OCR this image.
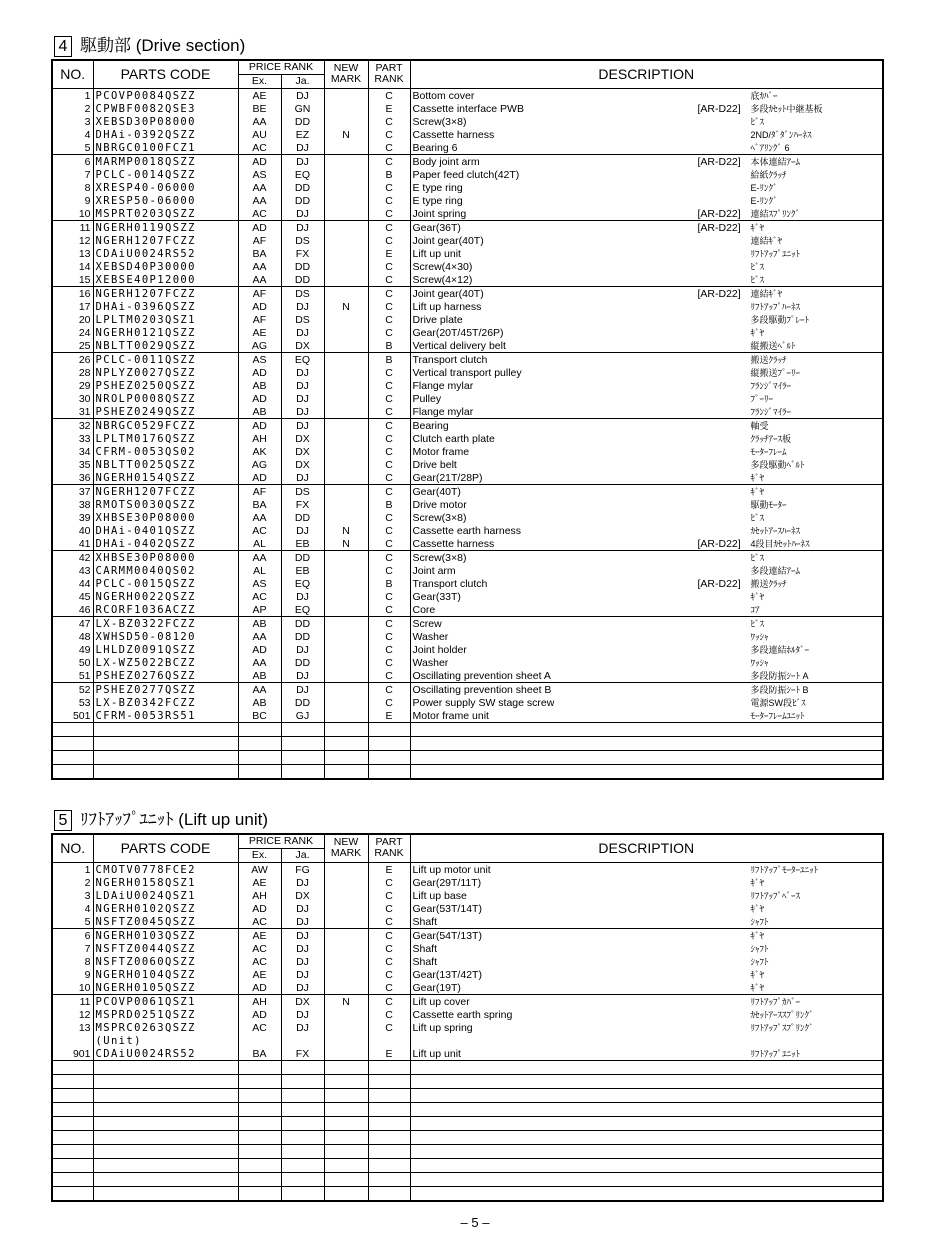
4 駆動部 (Drive section)
NO.	PARTS CODE	PRICE RANK		NEW MARK	PART RANK	DESCRIPTION
		Ex.	Ja.			
1	PCOVP0084QSZZ	AE	DJ		C	Bottom cover 底ｶﾊﾞｰ

2	CPWBF0082QSE3	BE	GN		E	Cassette interface PWB [AR-D22] 多段ｶｾｯﾄ中継基板

3	XEBSD30P08000	AA	DD		C	Screw(3×8) ﾋﾞｽ

4	DHAi-0392QSZZ	AU	EZ	N	C	Cassette harness 2ND/ﾀﾞﾀﾞﾝﾊｰﾈｽ

5	NBRGC0100FCZ1	AC	DJ		C	Bearing 6 ﾍﾞｱﾘﾝｸﾞ 6

6	MARMP0018QSZZ	AD	DJ		C	Body joint arm [AR-D22] 本体連結ｱｰﾑ

7	PCLC-0014QSZZ	AS	EQ		B	Paper feed clutch(42T) 給紙ｸﾗｯﾁ

8	XRESP40-06000	AA	DD		C	E type ring E-ﾘﾝｸﾞ

9	XRESP50-06000	AA	DD		C	E type ring E-ﾘﾝｸﾞ

10	MSPRT0203QSZZ	AC	DJ		C	Joint spring [AR-D22] 連結ｽﾌﾟﾘﾝｸﾞ

11	NGERH0119QSZZ	AD	DJ		C	Gear(36T) [AR-D22] ｷﾞﾔ

12	NGERH1207FCZZ	AF	DS		C	Joint gear(40T) 連結ｷﾞﾔ

13	CDAiU0024RS52	BA	FX		E	Lift up unit ﾘﾌﾄｱｯﾌﾟﾕﾆｯﾄ

14	XEBSD40P30000	AA	DD		C	Screw(4×30) ﾋﾞｽ

15	XEBSE40P12000	AA	DD		C	Screw(4×12) ﾋﾞｽ

16	NGERH1207FCZZ	AF	DS		C	Joint gear(40T) [AR-D22] 連結ｷﾞﾔ

17	DHAi-0396QSZZ	AD	DJ	N	C	Lift up harness ﾘﾌﾄｱｯﾌﾟﾊｰﾈｽ

20	LPLTM0203QSZ1	AF	DS		C	Drive plate 多段駆動ﾌﾟﾚｰﾄ

24	NGERH0121QSZZ	AE	DJ		C	Gear(20T/45T/26P) ｷﾞﾔ

25	NBLTT0029QSZZ	AG	DX		B	Vertical delivery belt 縦搬送ﾍﾞﾙﾄ

26	PCLC-0011QSZZ	AS	EQ		B	Transport clutch 搬送ｸﾗｯﾁ

28	NPLYZ0027QSZZ	AD	DJ		C	Vertical transport pulley 縦搬送ﾌﾟｰﾘｰ

29	PSHEZ0250QSZZ	AB	DJ		C	Flange mylar ﾌﾗﾝｼﾞﾏｲﾗｰ

30	NROLP0008QSZZ	AD	DJ		C	Pulley ﾌﾟｰﾘｰ

31	PSHEZ0249QSZZ	AB	DJ		C	Flange mylar ﾌﾗﾝｼﾞﾏｲﾗｰ

32	NBRGC0529FCZZ	AD	DJ		C	Bearing 軸受

33	LPLTM0176QSZZ	AH	DX		C	Clutch earth plate ｸﾗｯﾁｱｰｽ板

34	CFRM-0053QS02	AK	DX		C	Motor frame ﾓｰﾀｰﾌﾚｰﾑ

35	NBLTT0025QSZZ	AG	DX		C	Drive belt 多段駆動ﾍﾞﾙﾄ

36	NGERH0154QSZZ	AD	DJ		C	Gear(21T/28P) ｷﾞﾔ

37	NGERH1207FCZZ	AF	DS		C	Gear(40T) ｷﾞﾔ

38	RMOTS0030QSZZ	BA	FX		B	Drive motor 駆動ﾓｰﾀｰ

39	XHBSE30P08000	AA	DD		C	Screw(3×8) ﾋﾞｽ

40	DHAi-0401QSZZ	AC	DJ	N	C	Cassette earth harness ｶｾｯﾄｱｰｽﾊｰﾈｽ

41	DHAi-0402QSZZ	AL	EB	N	C	Cassette harness [AR-D22] 4段目ｶｾｯﾄﾊｰﾈｽ

42	XHBSE30P08000	AA	DD		C	Screw(3×8) ﾋﾞｽ

43	CARMM0040QS02	AL	EB		C	Joint arm 多段連結ｱｰﾑ

44	PCLC-0015QSZZ	AS	EQ		B	Transport clutch [AR-D22] 搬送ｸﾗｯﾁ

45	NGERH0022QSZZ	AC	DJ		C	Gear(33T) ｷﾞﾔ

46	RCORF1036ACZZ	AP	EQ		C	Core ｺｱ

47	LX-BZ0322FCZZ	AB	DD		C	Screw ﾋﾞｽ

48	XWHSD50-08120	AA	DD		C	Washer ﾜｯｼｬ

49	LHLDZ0091QSZZ	AD	DJ		C	Joint holder 多段連結ﾎﾙﾀﾞｰ

50	LX-WZ5022BCZZ	AA	DD		C	Washer ﾜｯｼｬ

51	PSHEZ0276QSZZ	AB	DJ		C	Oscillating prevention sheet A 多段防振ｼｰﾄ A

52	PSHEZ0277QSZZ	AA	DJ		C	Oscillating prevention sheet B 多段防振ｼｰﾄ B

53	LX-BZ0342FCZZ	AB	DD		C	Power supply SW stage screw 電源SW段ﾋﾞｽ

501	CFRM-0053RS51	BC	GJ		E	Motor frame unit ﾓｰﾀｰﾌﾚｰﾑﾕﾆｯﾄ

5 ﾘﾌﾄｱｯﾌﾟﾕﾆｯﾄ (Lift up unit)
NO.	PARTS CODE	PRICE RANK		NEW MARK	PART RANK	DESCRIPTION
		Ex.	Ja.			
1	CMOTV0778FCE2	AW	FG		E	Lift up motor unit ﾘﾌﾄｱｯﾌﾟﾓｰﾀｰﾕﾆｯﾄ

2	NGERH0158QSZ1	AE	DJ		C	Gear(29T/11T) ｷﾞﾔ

3	LDAiU0024QSZ1	AH	DX		C	Lift up base ﾘﾌﾄｱｯﾌﾟﾍﾞｰｽ

4	NGERH0102QSZZ	AD	DJ		C	Gear(53T/14T) ｷﾞﾔ

5	NSFTZ0045QSZZ	AC	DJ		C	Shaft ｼｬﾌﾄ

6	NGERH0103QSZZ	AE	DJ		C	Gear(54T/13T) ｷﾞﾔ

7	NSFTZ0044QSZZ	AC	DJ		C	Shaft ｼｬﾌﾄ

8	NSFTZ0060QSZZ	AC	DJ		C	Shaft ｼｬﾌﾄ

9	NGERH0104QSZZ	AE	DJ		C	Gear(13T/42T) ｷﾞﾔ

10	NGERH0105QSZZ	AD	DJ		C	Gear(19T) ｷﾞﾔ

11	PCOVP0061QSZ1	AH	DX	N	C	Lift up cover ﾘﾌﾄｱｯﾌﾟｶﾊﾞｰ

12	MSPRD0251QSZZ	AD	DJ		C	Cassette earth spring ｶｾｯﾄｱｰｽｽﾌﾟﾘﾝｸﾞ

13	MSPRC0263QSZZ	AC	DJ		C	Lift up spring ﾘﾌﾄｱｯﾌﾟｽﾌﾟﾘﾝｸﾞ

	(Unit)					

901	CDAiU0024RS52	BA	FX		E	Lift up unit ﾘﾌﾄｱｯﾌﾟﾕﾆｯﾄ

– 5 –
